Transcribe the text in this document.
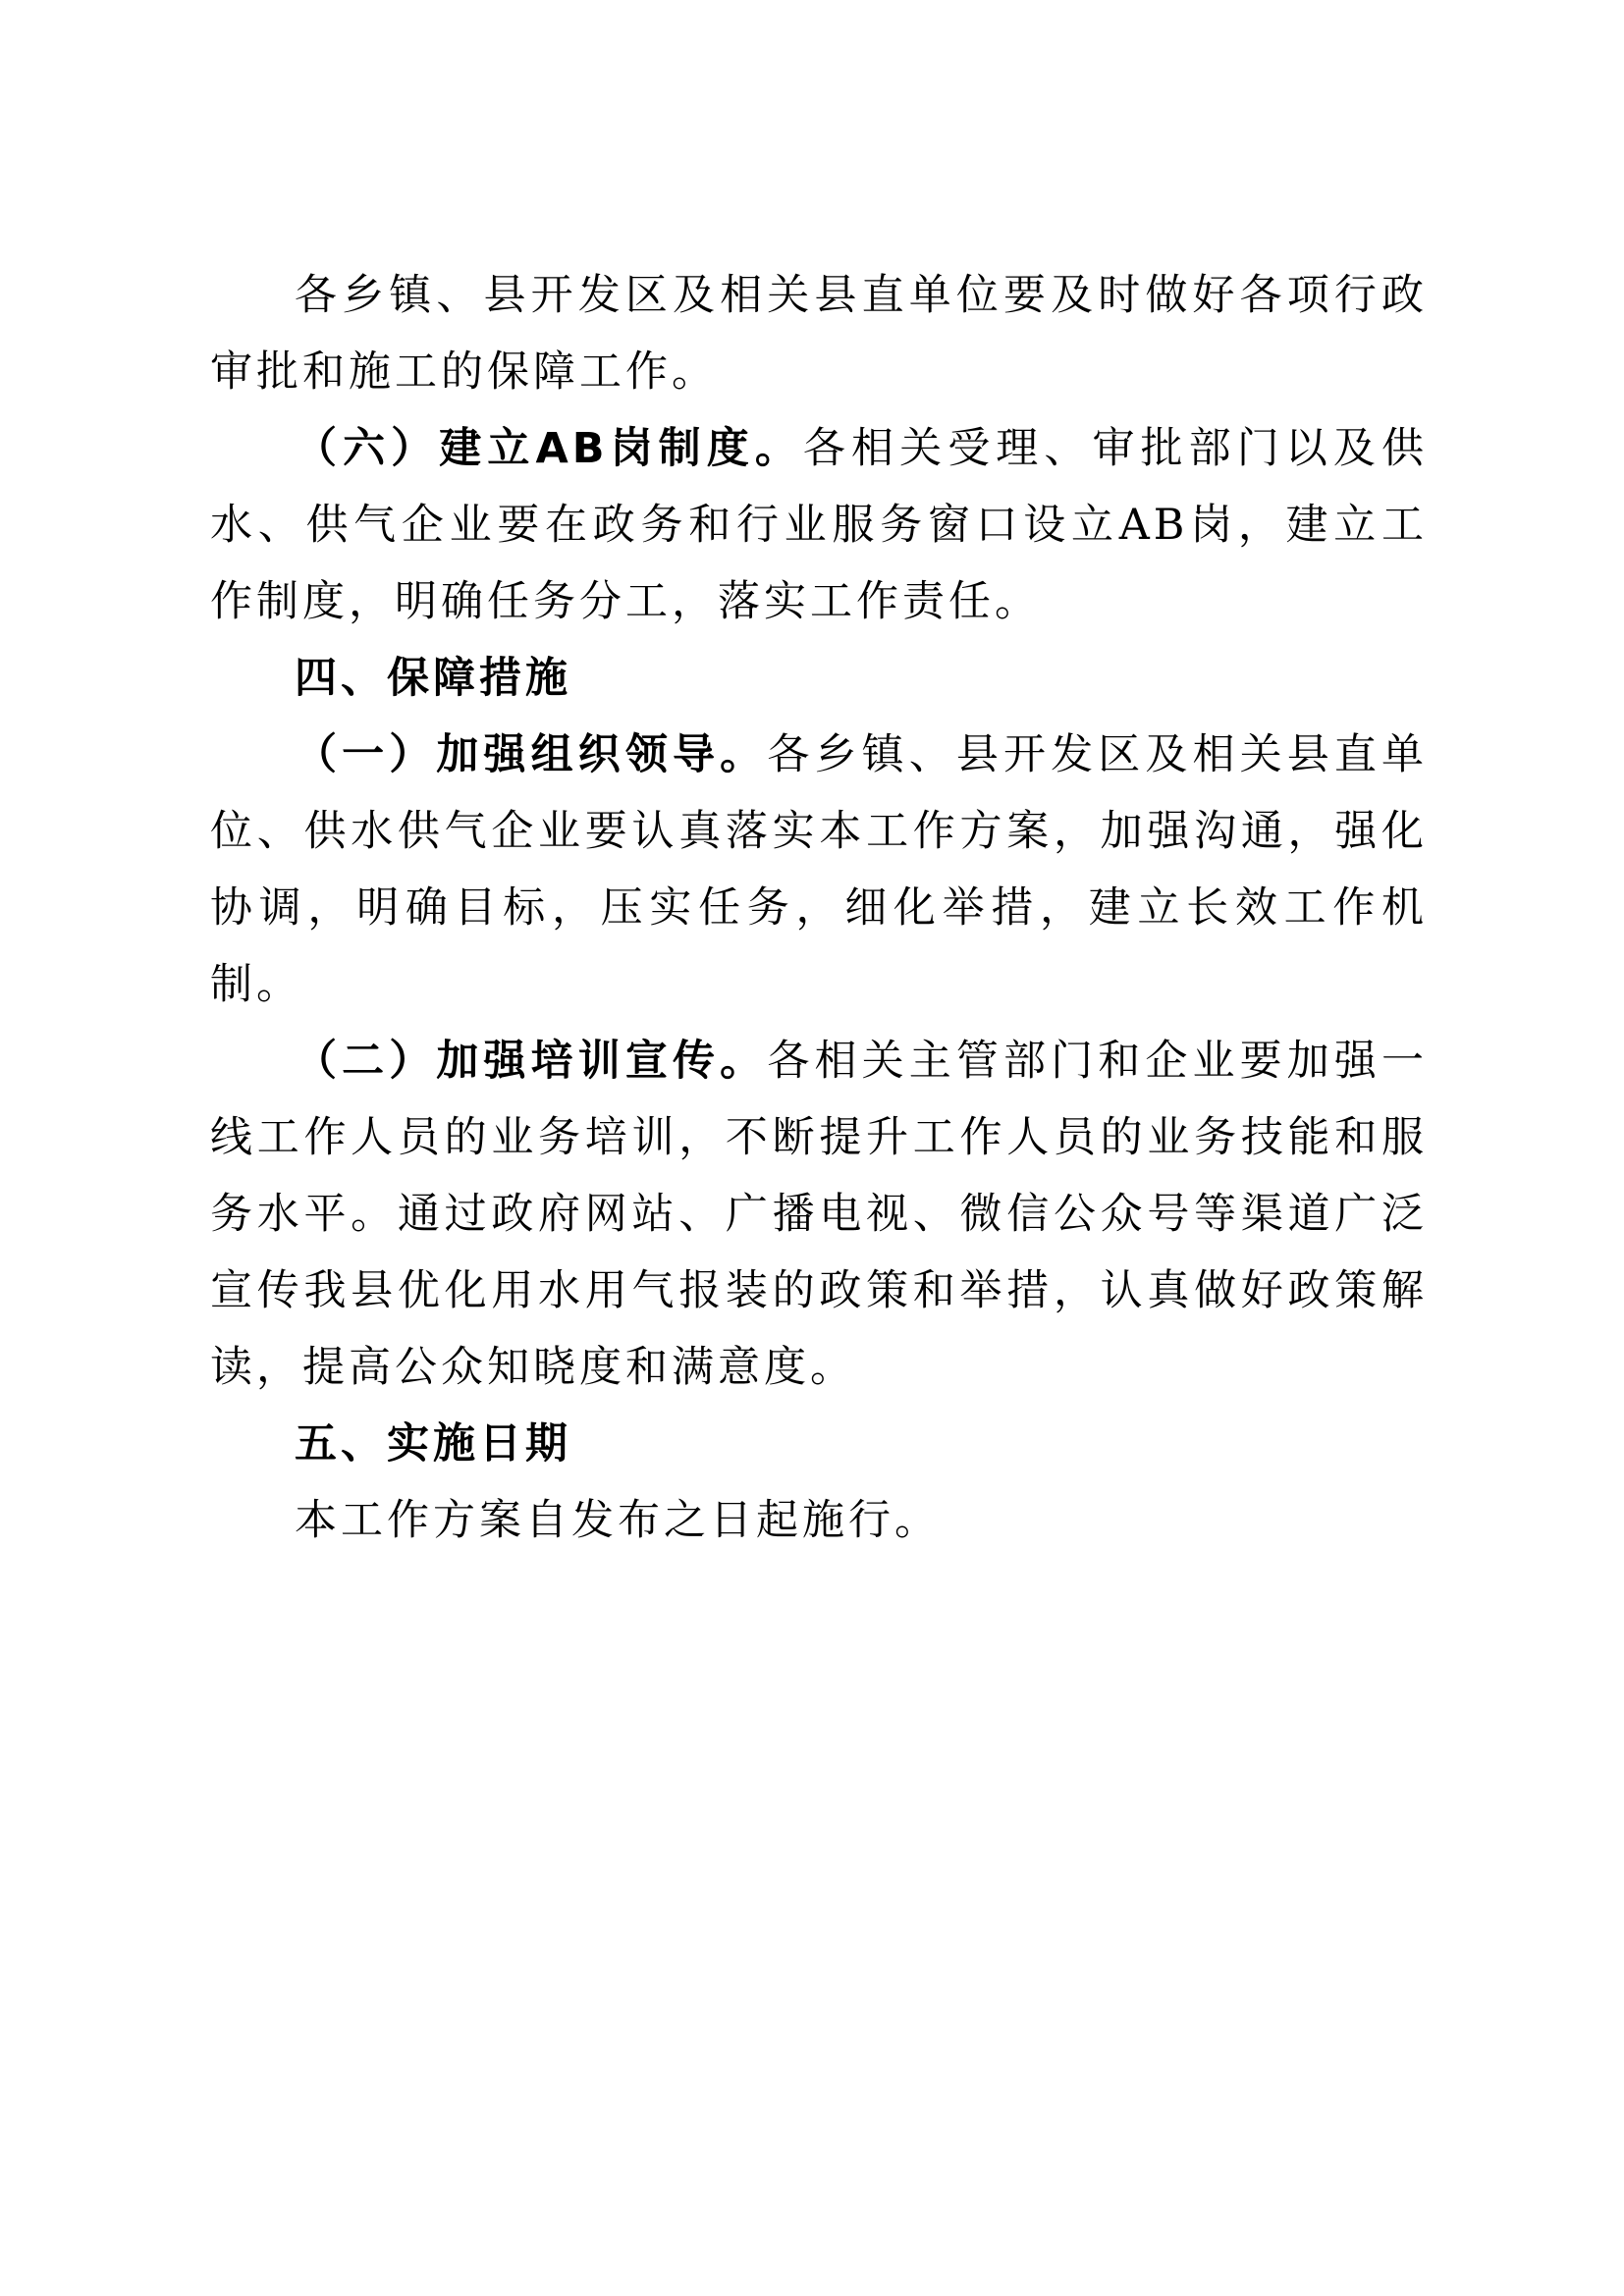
各乡镇、县开发区及相关县直单位要及时做好各项行政审批和施工的保障工作。

（六）建立AB岗制度。各相关受理、审批部门以及供水、供气企业要在政务和行业服务窗口设立AB岗，建立工作制度，明确任务分工，落实工作责任。

四、保障措施

（一）加强组织领导。各乡镇、县开发区及相关县直单位、供水供气企业要认真落实本工作方案，加强沟通，强化协调，明确目标，压实任务，细化举措，建立长效工作机制。

（二）加强培训宣传。各相关主管部门和企业要加强一线工作人员的业务培训，不断提升工作人员的业务技能和服务水平。通过政府网站、广播电视、微信公众号等渠道广泛宣传我县优化用水用气报装的政策和举措，认真做好政策解读，提高公众知晓度和满意度。

五、实施日期

本工作方案自发布之日起施行。
